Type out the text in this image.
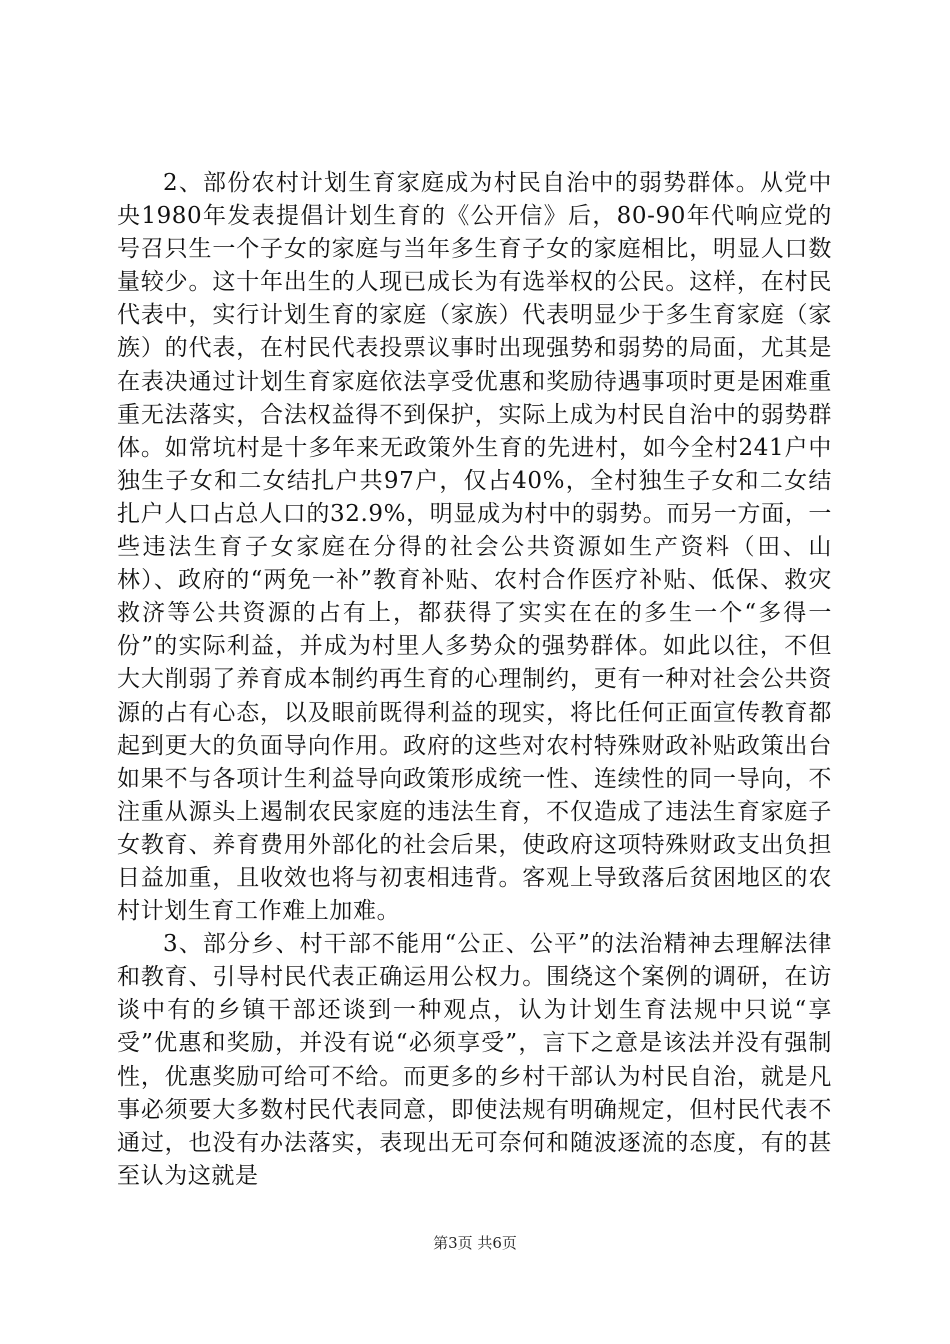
2、部份农村计划生育家庭成为村民自治中的弱势群体。从党中央1980年发表提倡计划生育的《公开信》后，80-90年代响应党的号召只生一个子女的家庭与当年多生育子女的家庭相比，明显人口数量较少。这十年出生的人现已成长为有选举权的公民。这样，在村民代表中，实行计划生育的家庭（家族）代表明显少于多生育家庭（家族）的代表，在村民代表投票议事时出现强势和弱势的局面，尤其是在表决通过计划生育家庭依法享受优惠和奖励待遇事项时更是困难重重无法落实，合法权益得不到保护，实际上成为村民自治中的弱势群体。如常坑村是十多年来无政策外生育的先进村，如今全村241户中独生子女和二女结扎户共97户，仅占40%，全村独生子女和二女结扎户人口占总人口的32.9%，明显成为村中的弱势。而另一方面，一些违法生育子女家庭在分得的社会公共资源如生产资料（田、山林）、政府的“两免一补”教育补贴、农村合作医疗补贴、低保、救灾救济等公共资源的占有上，都获得了实实在在的多生一个“多得一份”的实际利益，并成为村里人多势众的强势群体。如此以往，不但大大削弱了养育成本制约再生育的心理制约，更有一种对社会公共资源的占有心态，以及眼前既得利益的现实，将比任何正面宣传教育都起到更大的负面导向作用。政府的这些对农村特殊财政补贴政策出台如果不与各项计生利益导向政策形成统一性、连续性的同一导向，不注重从源头上遏制农民家庭的违法生育，不仅造成了违法生育家庭子女教育、养育费用外部化的社会后果，使政府这项特殊财政支出负担日益加重，且收效也将与初衷相违背。客观上导致落后贫困地区的农村计划生育工作难上加难。

3、部分乡、村干部不能用“公正、公平”的法治精神去理解法律和教育、引导村民代表正确运用公权力。围绕这个案例的调研，在访谈中有的乡镇干部还谈到一种观点，认为计划生育法规中只说“享受”优惠和奖励，并没有说“必须享受”，言下之意是该法并没有强制性，优惠奖励可给可不给。而更多的乡村干部认为村民自治，就是凡事必须要大多数村民代表同意，即使法规有明确规定，但村民代表不通过，也没有办法落实，表现出无可奈何和随波逐流的态度，有的甚至认为这就是

第3页 共6页
